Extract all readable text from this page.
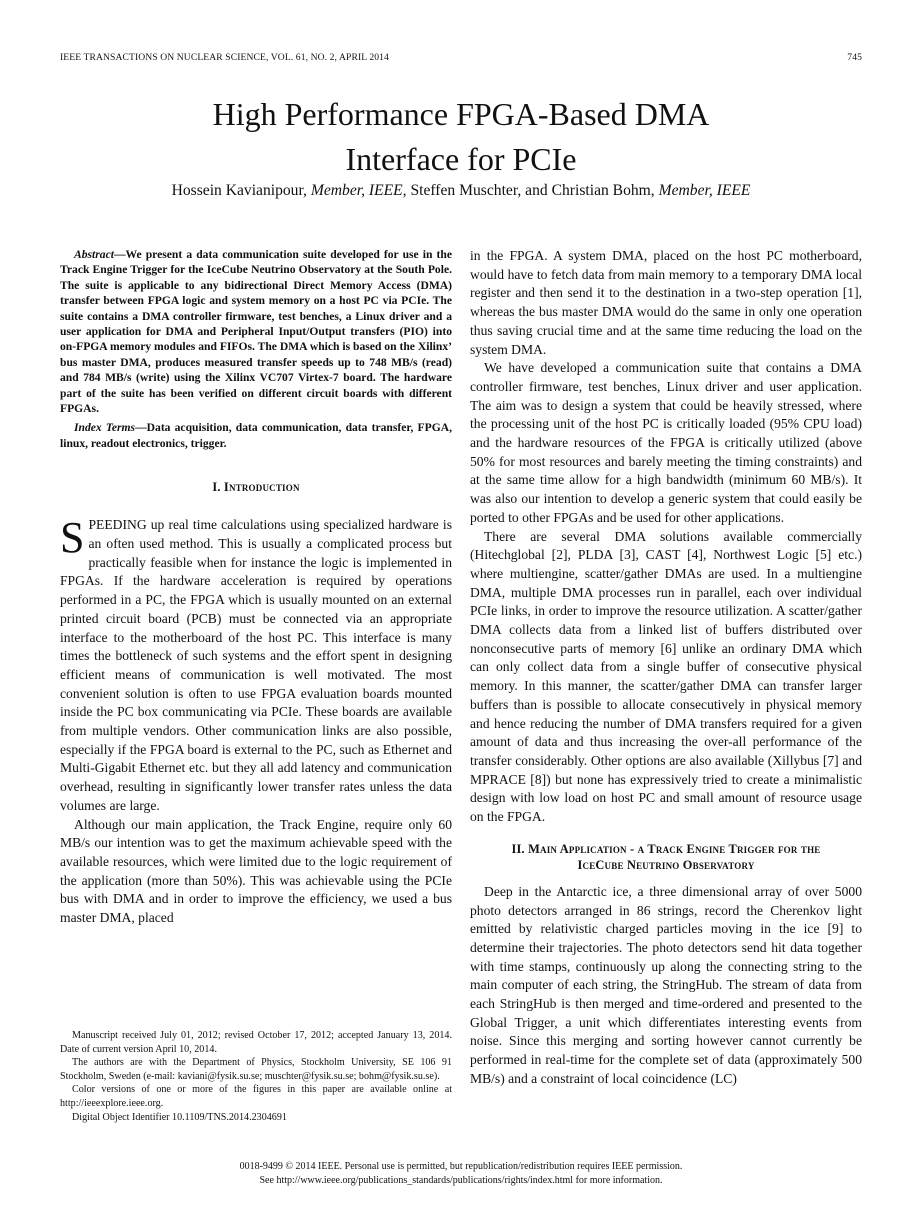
IEEE TRANSACTIONS ON NUCLEAR SCIENCE, VOL. 61, NO. 2, APRIL 2014	745
High Performance FPGA-Based DMA
Interface for PCIe
Hossein Kavianipour, Member, IEEE, Steffen Muschter, and Christian Bohm, Member, IEEE

Abstract—We present a data communication suite developed for use in the Track Engine Trigger for the IceCube Neutrino Observatory at the South Pole. The suite is applicable to any bidirectional Direct Memory Access (DMA) transfer between FPGA logic and system memory on a host PC via PCIe. The suite contains a DMA controller firmware, test benches, a Linux driver and a user application for DMA and Peripheral Input/Output transfers (PIO) into on-FPGA memory modules and FIFOs. The DMA which is based on the Xilinx’ bus master DMA, produces measured transfer speeds up to 748 MB/s (read) and 784 MB/s (write) using the Xilinx VC707 Virtex-7 board. The hardware part of the suite has been verified on different circuit boards with different FPGAs.

Index Terms—Data acquisition, data communication, data transfer, FPGA, linux, readout electronics, trigger.

I. Introduction

SPEEDING up real time calculations using specialized hardware is an often used method. This is usually a complicated process but practically feasible when for instance the logic is implemented in FPGAs. If the hardware acceleration is required by operations performed in a PC, the FPGA which is usually mounted on an external printed circuit board (PCB) must be connected via an appropriate interface to the motherboard of the host PC. This interface is many times the bottleneck of such systems and the effort spent in designing efficient means of communication is well motivated. The most convenient solution is often to use FPGA evaluation boards mounted inside the PC box communicating via PCIe. These boards are available from multiple vendors. Other communication links are also possible, especially if the FPGA board is external to the PC, such as Ethernet and Multi-Gigabit Ethernet etc. but they all add latency and communication overhead, resulting in significantly lower transfer rates unless the data volumes are large.

Although our main application, the Track Engine, require only 60 MB/s our intention was to get the maximum achievable speed with the available resources, which were limited due to the logic requirement of the application (more than 50%). This was achievable using the PCIe bus with DMA and in order to improve the efficiency, we used a bus master DMA, placed

Manuscript received July 01, 2012; revised October 17, 2012; accepted January 13, 2014. Date of current version April 10, 2014.

The authors are with the Department of Physics, Stockholm University, SE 106 91 Stockholm, Sweden (e-mail: kaviani@fysik.su.se; muschter@fysik.su.se; bohm@fysik.su.se).

Color versions of one or more of the figures in this paper are available online at http://ieeexplore.ieee.org.

Digital Object Identifier 10.1109/TNS.2014.2304691

in the FPGA. A system DMA, placed on the host PC motherboard, would have to fetch data from main memory to a temporary DMA local register and then send it to the destination in a two-step operation [1], whereas the bus master DMA would do the same in only one operation thus saving crucial time and at the same time reducing the load on the system DMA.

We have developed a communication suite that contains a DMA controller firmware, test benches, Linux driver and user application. The aim was to design a system that could be heavily stressed, where the processing unit of the host PC is critically loaded (95% CPU load) and the hardware resources of the FPGA is critically utilized (above 50% for most resources and barely meeting the timing constraints) and at the same time allow for a high bandwidth (minimum 60 MB/s). It was also our intention to develop a generic system that could easily be ported to other FPGAs and be used for other applications.

There are several DMA solutions available commercially (Hitechglobal [2], PLDA [3], CAST [4], Northwest Logic [5] etc.) where multiengine, scatter/gather DMAs are used. In a multiengine DMA, multiple DMA processes run in parallel, each over individual PCIe links, in order to improve the resource utilization. A scatter/gather DMA collects data from a linked list of buffers distributed over nonconsecutive parts of memory [6] unlike an ordinary DMA which can only collect data from a single buffer of consecutive physical memory. In this manner, the scatter/gather DMA can transfer larger buffers than is possible to allocate consecutively in physical memory and hence reducing the number of DMA transfers required for a given amount of data and thus increasing the over-all performance of the transfer considerably. Other options are also available (Xillybus [7] and MPRACE [8]) but none has expressively tried to create a minimalistic design with low load on host PC and small amount of resource usage on the FPGA.

II. Main Application - a Track Engine Trigger for the
IceCube Neutrino Observatory

Deep in the Antarctic ice, a three dimensional array of over 5000 photo detectors arranged in 86 strings, record the Cherenkov light emitted by relativistic charged particles moving in the ice [9] to determine their trajectories. The photo detectors send hit data together with time stamps, continuously up along the connecting string to the main computer of each string, the StringHub. The stream of data from each StringHub is then merged and time-ordered and presented to the Global Trigger, a unit which differentiates interesting events from noise. Since this merging and sorting however cannot currently be performed in real-time for the complete set of data (approximately 500 MB/s) and a constraint of local coincidence (LC)

0018-9499 © 2014 IEEE. Personal use is permitted, but republication/redistribution requires IEEE permission.
See http://www.ieee.org/publications_standards/publications/rights/index.html for more information.
